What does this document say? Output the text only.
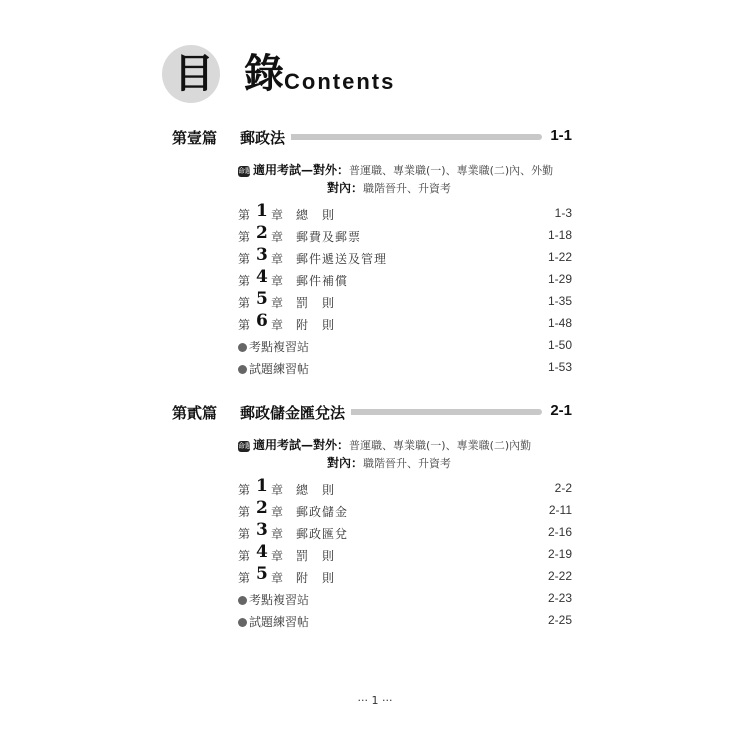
目 錄
Contents
第壹篇 郵政法	1-1
命題適用考試—對外：普運職、專業職(一)、專業職(二)內、外勤
對內：職階晉升、升資考
第 1 章 總　則	1-3
第 2 章 郵費及郵票	1-18
第 3 章 郵件遞送及管理	1-22
第 4 章 郵件補償	1-29
第 5 章 罰　則	1-35
第 6 章 附　則	1-48
考點複習站	1-50
試題練習帖	1-53
第貳篇 郵政儲金匯兌法	2-1
命題適用考試—對外：普運職、專業職(一)、專業職(二)內勤
對內：職階晉升、升資考
第 1 章 總　則	2-2
第 2 章 郵政儲金	2-11
第 3 章 郵政匯兌	2-16
第 4 章 罰　則	2-19
第 5 章 附　則	2-22
考點複習站	2-23
試題練習帖	2-25
··· 1 ···
